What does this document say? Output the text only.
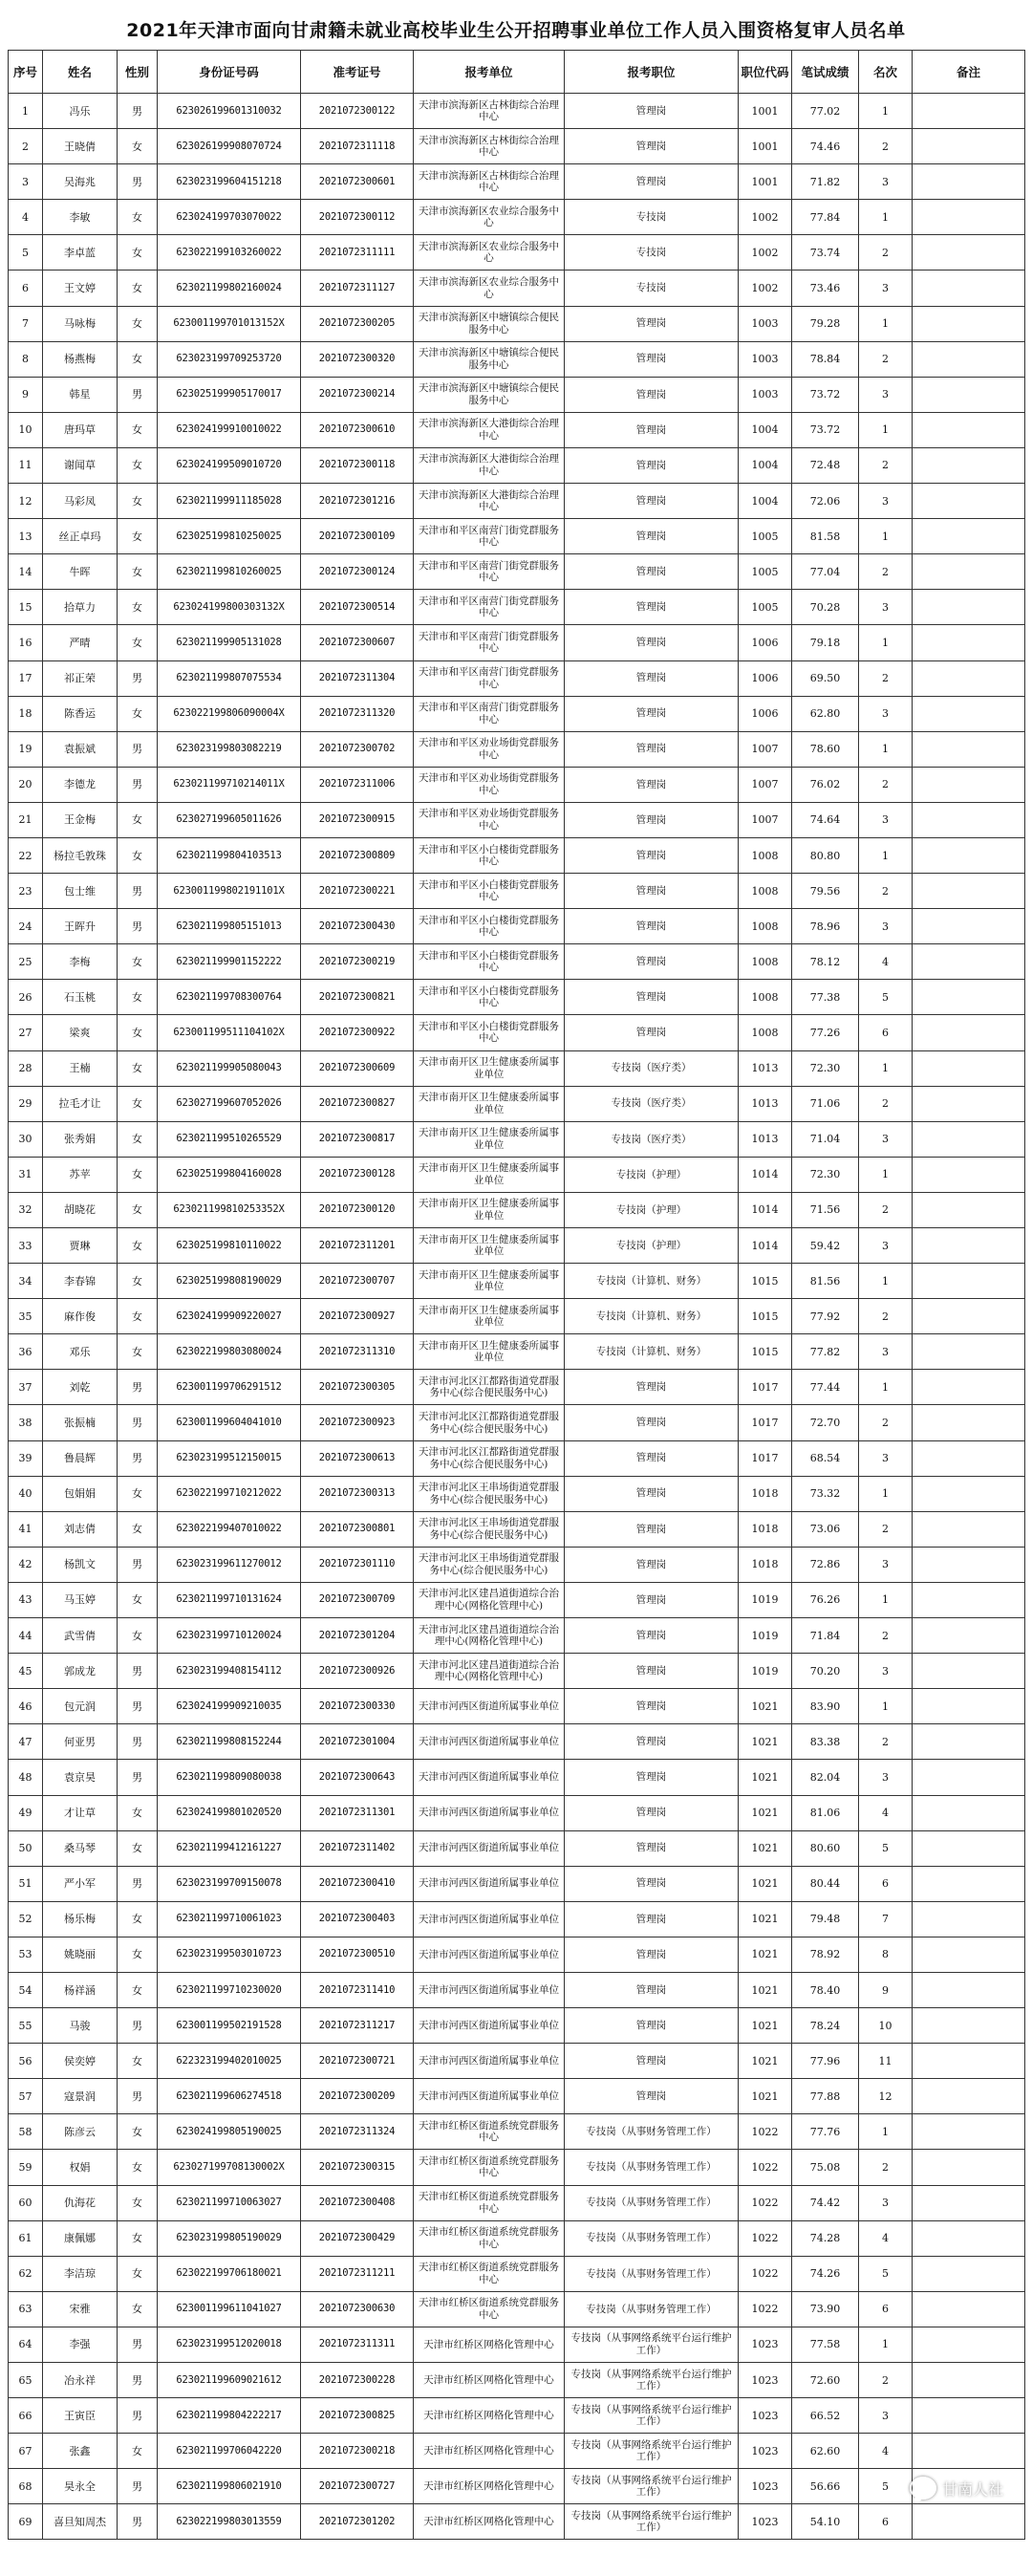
2021年天津市面向甘肃籍未就业高校毕业生公开招聘事业单位工作人员入围资格复审人员名单
序号	姓名	性别	身份证号码	准考证号	报考单位	报考职位	职位代码	笔试成绩	名次	备注
1	冯乐	男	623026199601310032	2021072300122	天津市滨海新区古林街综合治理中心	管理岗	1001	77.02	1	
2	王晓倩	女	623026199908070724	2021072311118	天津市滨海新区古林街综合治理中心	管理岗	1001	74.46	2	
3	吴海兆	男	623023199604151218	2021072300601	天津市滨海新区古林街综合治理中心	管理岗	1001	71.82	3	
4	李敏	女	623024199703070022	2021072300112	天津市滨海新区农业综合服务中心	专技岗	1002	77.84	1	
5	李卓蓝	女	623022199103260022	2021072311111	天津市滨海新区农业综合服务中心	专技岗	1002	73.74	2	
6	王文婷	女	623021199802160024	2021072311127	天津市滨海新区农业综合服务中心	专技岗	1002	73.46	3	
7	马咏梅	女	623001199701013152X	2021072300205	天津市滨海新区中塘镇综合便民服务中心	管理岗	1003	79.28	1	
8	杨燕梅	女	623023199709253720	2021072300320	天津市滨海新区中塘镇综合便民服务中心	管理岗	1003	78.84	2	
9	韩星	男	623025199905170017	2021072300214	天津市滨海新区中塘镇综合便民服务中心	管理岗	1003	73.72	3	
10	唐玛草	女	623024199910010022	2021072300610	天津市滨海新区大港街综合治理中心	管理岗	1004	73.72	1	
11	谢闻草	女	623024199509010720	2021072300118	天津市滨海新区大港街综合治理中心	管理岗	1004	72.48	2	
12	马彩凤	女	623021199911185028	2021072301216	天津市滨海新区大港街综合治理中心	管理岗	1004	72.06	3	
13	丝正卓玛	女	623025199810250025	2021072300109	天津市和平区南营门街党群服务中心	管理岗	1005	81.58	1	
14	牛晖	女	623021199810260025	2021072300124	天津市和平区南营门街党群服务中心	管理岗	1005	77.04	2	
15	拾草力	女	623024199800303132X	2021072300514	天津市和平区南营门街党群服务中心	管理岗	1005	70.28	3	
16	严晴	女	623021199905131028	2021072300607	天津市和平区南营门街党群服务中心	管理岗	1006	79.18	1	
17	祁正荣	男	623021199807075534	2021072311304	天津市和平区南营门街党群服务中心	管理岗	1006	69.50	2	
18	陈香运	女	623022199806090004X	2021072311320	天津市和平区南营门街党群服务中心	管理岗	1006	62.80	3	
19	袁振斌	男	623023199803082219	2021072300702	天津市和平区劝业场街党群服务中心	管理岗	1007	78.60	1	
20	李德龙	男	623021199710214011X	2021072311006	天津市和平区劝业场街党群服务中心	管理岗	1007	76.02	2	
21	王金梅	女	623027199605011626	2021072300915	天津市和平区劝业场街党群服务中心	管理岗	1007	74.64	3	
22	杨拉毛敦珠	女	623021199804103513	2021072300809	天津市和平区小白楼街党群服务中心	管理岗	1008	80.80	1	
23	包士维	男	623001199802191101X	2021072300221	天津市和平区小白楼街党群服务中心	管理岗	1008	79.56	2	
24	王晖升	男	623021199805151013	2021072300430	天津市和平区小白楼街党群服务中心	管理岗	1008	78.96	3	
25	李梅	女	623021199901152222	2021072300219	天津市和平区小白楼街党群服务中心	管理岗	1008	78.12	4	
26	石玉桃	女	623021199708300764	2021072300821	天津市和平区小白楼街党群服务中心	管理岗	1008	77.38	5	
27	梁爽	女	623001199511104102X	2021072300922	天津市和平区小白楼街党群服务中心	管理岗	1008	77.26	6	
28	王楠	女	623021199905080043	2021072300609	天津市南开区卫生健康委所属事业单位	专技岗（医疗类）	1013	72.30	1	
29	拉毛才让	女	623027199607052026	2021072300827	天津市南开区卫生健康委所属事业单位	专技岗（医疗类）	1013	71.06	2	
30	张秀娟	女	623021199510265529	2021072300817	天津市南开区卫生健康委所属事业单位	专技岗（医疗类）	1013	71.04	3	
31	苏苹	女	623025199804160028	2021072300128	天津市南开区卫生健康委所属事业单位	专技岗（护理）	1014	72.30	1	
32	胡晓花	女	623021199810253352X	2021072300120	天津市南开区卫生健康委所属事业单位	专技岗（护理）	1014	71.56	2	
33	贾琳	女	623025199810110022	2021072311201	天津市南开区卫生健康委所属事业单位	专技岗（护理）	1014	59.42	3	
34	李春锦	女	623025199808190029	2021072300707	天津市南开区卫生健康委所属事业单位	专技岗（计算机、财务）	1015	81.56	1	
35	麻作俊	女	623024199909220027	2021072300927	天津市南开区卫生健康委所属事业单位	专技岗（计算机、财务）	1015	77.92	2	
36	邓乐	女	623022199803080024	2021072311310	天津市南开区卫生健康委所属事业单位	专技岗（计算机、财务）	1015	77.82	3	
37	刘乾	男	623001199706291512	2021072300305	天津市河北区江都路街道党群服务中心(综合便民服务中心)	管理岗	1017	77.44	1	
38	张振楠	男	623001199604041010	2021072300923	天津市河北区江都路街道党群服务中心(综合便民服务中心)	管理岗	1017	72.70	2	
39	鲁晨辉	男	623023199512150015	2021072300613	天津市河北区江都路街道党群服务中心(综合便民服务中心)	管理岗	1017	68.54	3	
40	包娟娟	女	623022199710212022	2021072300313	天津市河北区王串场街道党群服务中心(综合便民服务中心)	管理岗	1018	73.32	1	
41	刘志倩	女	623022199407010022	2021072300801	天津市河北区王串场街道党群服务中心(综合便民服务中心)	管理岗	1018	73.06	2	
42	杨凯文	男	623023199611270012	2021072301110	天津市河北区王串场街道党群服务中心(综合便民服务中心)	管理岗	1018	72.86	3	
43	马玉婷	女	623021199710131624	2021072300709	天津市河北区建昌道街道综合治理中心(网格化管理中心)	管理岗	1019	76.26	1	
44	武雪倩	女	623023199710120024	2021072301204	天津市河北区建昌道街道综合治理中心(网格化管理中心)	管理岗	1019	71.84	2	
45	郭成龙	男	623023199408154112	2021072300926	天津市河北区建昌道街道综合治理中心(网格化管理中心)	管理岗	1019	70.20	3	
46	包元润	男	623024199909210035	2021072300330	天津市河西区街道所属事业单位	管理岗	1021	83.90	1	
47	何亚男	男	623021199808152244	2021072301004	天津市河西区街道所属事业单位	管理岗	1021	83.38	2	
48	袁京昊	男	623021199809080038	2021072300643	天津市河西区街道所属事业单位	管理岗	1021	82.04	3	
49	才让草	女	623024199801020520	2021072311301	天津市河西区街道所属事业单位	管理岗	1021	81.06	4	
50	桑马琴	女	623021199412161227	2021072311402	天津市河西区街道所属事业单位	管理岗	1021	80.60	5	
51	严小军	男	623023199709150078	2021072300410	天津市河西区街道所属事业单位	管理岗	1021	80.44	6	
52	杨乐梅	女	623021199710061023	2021072300403	天津市河西区街道所属事业单位	管理岗	1021	79.48	7	
53	姚晓丽	女	623023199503010723	2021072300510	天津市河西区街道所属事业单位	管理岗	1021	78.92	8	
54	杨祥涵	女	623021199710230020	2021072311410	天津市河西区街道所属事业单位	管理岗	1021	78.40	9	
55	马骏	男	623001199502191528	2021072311217	天津市河西区街道所属事业单位	管理岗	1021	78.24	10	
56	侯奕婷	女	622323199402010025	2021072300721	天津市河西区街道所属事业单位	管理岗	1021	77.96	11	
57	寇景润	男	623021199606274518	2021072300209	天津市河西区街道所属事业单位	管理岗	1021	77.88	12	
58	陈彦云	女	623024199805190025	2021072311324	天津市红桥区街道系统党群服务中心	专技岗（从事财务管理工作）	1022	77.76	1	
59	权娟	女	623027199708130002X	2021072300315	天津市红桥区街道系统党群服务中心	专技岗（从事财务管理工作）	1022	75.08	2	
60	仇海花	女	623021199710063027	2021072300408	天津市红桥区街道系统党群服务中心	专技岗（从事财务管理工作）	1022	74.42	3	
61	康佩娜	女	623023199805190029	2021072300429	天津市红桥区街道系统党群服务中心	专技岗（从事财务管理工作）	1022	74.28	4	
62	李洁琼	女	623022199706180021	2021072311211	天津市红桥区街道系统党群服务中心	专技岗（从事财务管理工作）	1022	74.26	5	
63	宋雅	女	623001199611041027	2021072300630	天津市红桥区街道系统党群服务中心	专技岗（从事财务管理工作）	1022	73.90	6	
64	李强	男	623023199512020018	2021072311311	天津市红桥区网格化管理中心	专技岗（从事网络系统平台运行维护工作）	1023	77.58	1	
65	冶永祥	男	623021199609021612	2021072300228	天津市红桥区网格化管理中心	专技岗（从事网络系统平台运行维护工作）	1023	72.60	2	
66	王寅臣	男	623021199804222217	2021072300825	天津市红桥区网格化管理中心	专技岗（从事网络系统平台运行维护工作）	1023	66.52	3	
67	张鑫	女	623021199706042220	2021072300218	天津市红桥区网格化管理中心	专技岗（从事网络系统平台运行维护工作）	1023	62.60	4	
68	昊永全	男	623021199806021910	2021072300727	天津市红桥区网格化管理中心	专技岗（从事网络系统平台运行维护工作）	1023	56.66	5	
69	喜旦知周杰	男	623022199803013559	2021072301202	天津市红桥区网格化管理中心	专技岗（从事网络系统平台运行维护工作）	1023	54.10	6	
甘南人社
